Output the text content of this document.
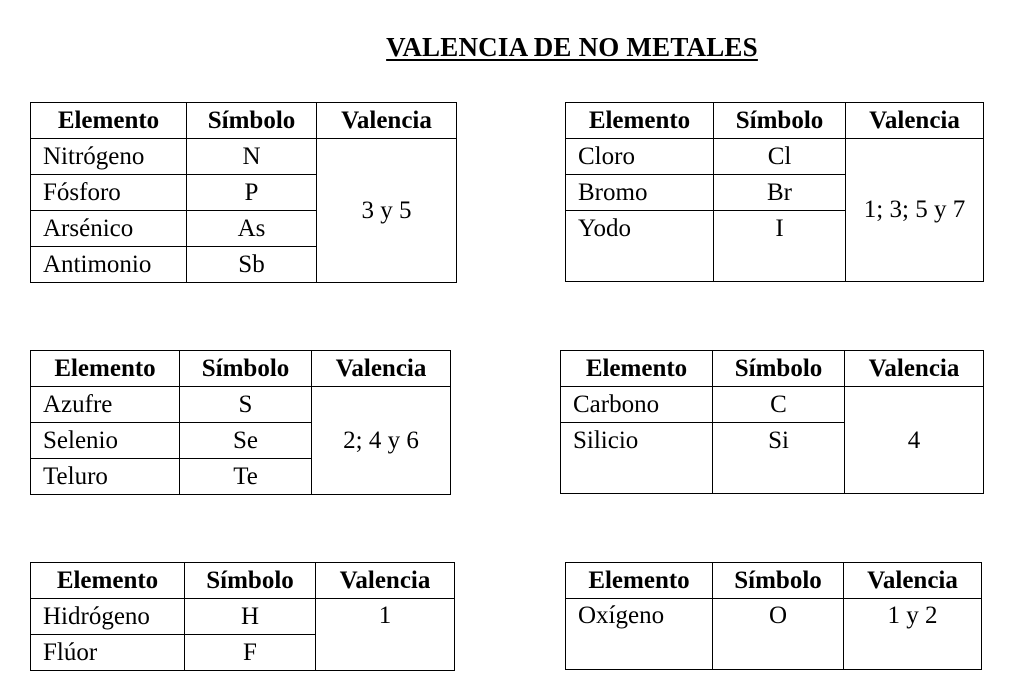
VALENCIA DE NO METALES
Elemento	Símbolo	Valencia
Nitrógeno	N	3 y 5
Fósforo	P	
Arsénico	As	
Antimonio	Sb	
Elemento	Símbolo	Valencia
Cloro	Cl	1; 3; 5 y 7
Bromo	Br	
Yodo	I	

Elemento	Símbolo	Valencia
Azufre	S	2; 4 y 6
Selenio	Se	
Teluro	Te	
Elemento	Símbolo	Valencia
Carbono	C	4
Silicio	Si	

Elemento	Símbolo	Valencia
Hidrógeno	H	1
Flúor	F	
Elemento	Símbolo	Valencia
Oxígeno	O	1 y 2
